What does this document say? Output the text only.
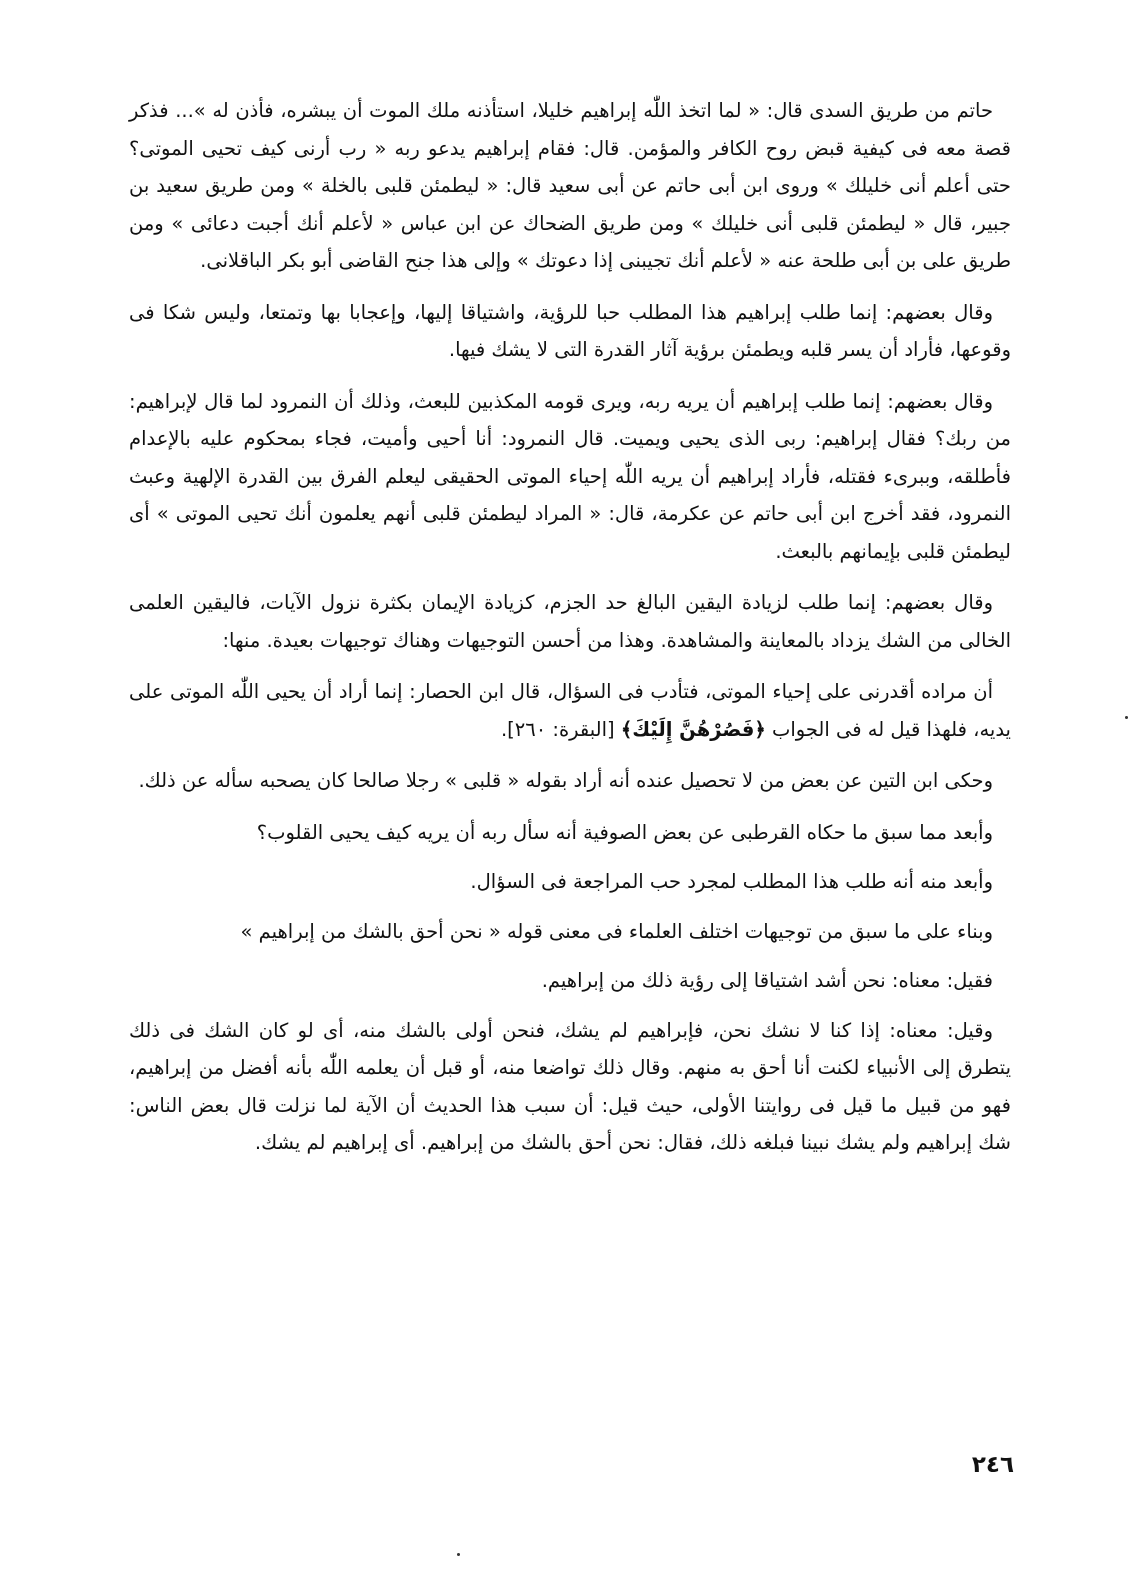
حاتم من طريق السدى قال: « لما اتخذ اللّٰه إبراهيم خليلا، استأذنه ملك الموت أن يبشره، فأذن له »... فذكر قصة معه فى كيفية قبض روح الكافر والمؤمن. قال: فقام إبراهيم يدعو ربه « رب أرنى كيف تحيى الموتى؟ حتى أعلم أنى خليلك » وروى ابن أبى حاتم عن أبى سعيد قال: « ليطمئن قلبى بالخلة » ومن طريق سعيد بن جبير، قال « ليطمئن قلبى أنى خليلك » ومن طريق الضحاك عن ابن عباس « لأعلم أنك أجبت دعائى » ومن طريق على بن أبى طلحة عنه « لأعلم أنك تجيبنى إذا دعوتك » وإلى هذا جنح القاضى أبو بكر الباقلانى.

وقال بعضهم: إنما طلب إبراهيم هذا المطلب حبا للرؤية، واشتياقا إليها، وإعجابا بها وتمتعا، وليس شكا فى وقوعها، فأراد أن يسر قلبه ويطمئن برؤية آثار القدرة التى لا يشك فيها.

وقال بعضهم: إنما طلب إبراهيم أن يريه ربه، ويرى قومه المكذبين للبعث، وذلك أن النمرود لما قال لإبراهيم: من ربك؟ فقال إبراهيم: ربى الذى يحيى ويميت. قال النمرود: أنا أحيى وأميت، فجاء بمحكوم عليه بالإعدام فأطلقه، وببرىء فقتله، فأراد إبراهيم أن يريه اللّٰه إحياء الموتى الحقيقى ليعلم الفرق بين القدرة الإلهية وعبث النمرود، فقد أخرج ابن أبى حاتم عن عكرمة، قال: « المراد ليطمئن قلبى أنهم يعلمون أنك تحيى الموتى » أى ليطمئن قلبى بإيمانهم بالبعث.

وقال بعضهم: إنما طلب لزيادة اليقين البالغ حد الجزم، كزيادة الإيمان بكثرة نزول الآيات، فاليقين العلمى الخالى من الشك يزداد بالمعاينة والمشاهدة. وهذا من أحسن التوجيهات وهناك توجيهات بعيدة. منها:

أن مراده أقدرنى على إحياء الموتى، فتأدب فى السؤال، قال ابن الحصار: إنما أراد أن يحيى اللّٰه الموتى على يديه، فلهذا قيل له فى الجواب ﴿فَصُرْهُنَّ إِلَيْكَ﴾ [البقرة: ٢٦٠].

وحكى ابن التين عن بعض من لا تحصيل عنده أنه أراد بقوله « قلبى » رجلا صالحا كان يصحبه سأله عن ذلك.

وأبعد مما سبق ما حكاه القرطبى عن بعض الصوفية أنه سأل ربه أن يريه كيف يحيى القلوب؟

وأبعد منه أنه طلب هذا المطلب لمجرد حب المراجعة فى السؤال.

وبناء على ما سبق من توجيهات اختلف العلماء فى معنى قوله « نحن أحق بالشك من إبراهيم »

فقيل: معناه: نحن أشد اشتياقا إلى رؤية ذلك من إبراهيم.

وقيل: معناه: إذا كنا لا نشك نحن، فإبراهيم لم يشك، فنحن أولى بالشك منه، أى لو كان الشك فى ذلك يتطرق إلى الأنبياء لكنت أنا أحق به منهم. وقال ذلك تواضعا منه، أو قبل أن يعلمه اللّٰه بأنه أفضل من إبراهيم، فهو من قبيل ما قيل فى روايتنا الأولى، حيث قيل: أن سبب هذا الحديث أن الآية لما نزلت قال بعض الناس: شك إبراهيم ولم يشك نبينا فبلغه ذلك، فقال: نحن أحق بالشك من إبراهيم. أى إبراهيم لم يشك.

٢٤٦
